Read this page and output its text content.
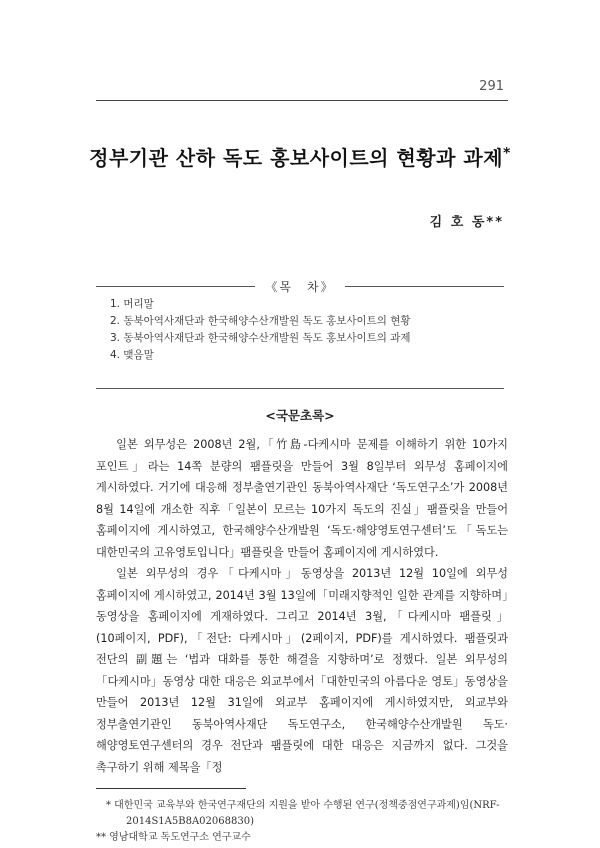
291
정부기관 산하 독도 홍보사이트의 현황과 과제*
김 호 동**
《목　차》
1. 머리말
2. 동북아역사재단과 한국해양수산개발원 독도 홍보사이트의 현황
3. 동북아역사재단과 한국해양수산개발원 독도 홍보사이트의 과제
4. 맺음말
<국문초록>

일본 외무성은 2008년 2월,「竹島-다케시마 문제를 이해하기 위한 10가지 포인트」라는 14쪽 분량의 팸플릿을 만들어 3월 8일부터 외무성 홈페이지에 게시하였다. 거기에 대응해 정부출연기관인 동북아역사재단 ‘독도연구소’가 2008년 8월 14일에 개소한 직후「일본이 모르는 10가지 독도의 진실」팸플릿을 만들어 홈페이지에 게시하였고, 한국해양수산개발원 ‘독도·해양영토연구센터’도「독도는 대한민국의 고유영토입니다」팸플릿을 만들어 홈페이지에 게시하였다.

일본 외무성의 경우「다케시마」동영상을 2013년 12월 10일에 외무성 홈페이지에 게시하였고, 2014년 3월 13일에「미래지향적인 일한 관계를 지향하며」동영상을 홈페이지에 게재하였다. 그리고 2014년 3월,「다케시마 팸플릿」(10페이지, PDF),「전단: 다케시마」(2페이지, PDF)를 게시하였다. 팸플릿과 전단의 副題는 ‘법과 대화를 통한 해결을 지향하며’로 정했다. 일본 외무성의「다케시마」동영상 대한 대응은 외교부에서「대한민국의 아름다운 영토」동영상을 만들어 2013년 12월 31일에 외교부 홈페이지에 게시하였지만, 외교부와 정부출연기관인 동북아역사재단 독도연구소, 한국해양수산개발원 독도·해양영토연구센터의 경우 전단과 팸플릿에 대한 대응은 지금까지 없다. 그것을 촉구하기 위해 제목을「정

* 대한민국 교육부와 한국연구재단의 지원을 받아 수행된 연구(정책중점연구과제)임(NRF-2014S1A5B8A02068830)
** 영남대학교 독도연구소 연구교수
